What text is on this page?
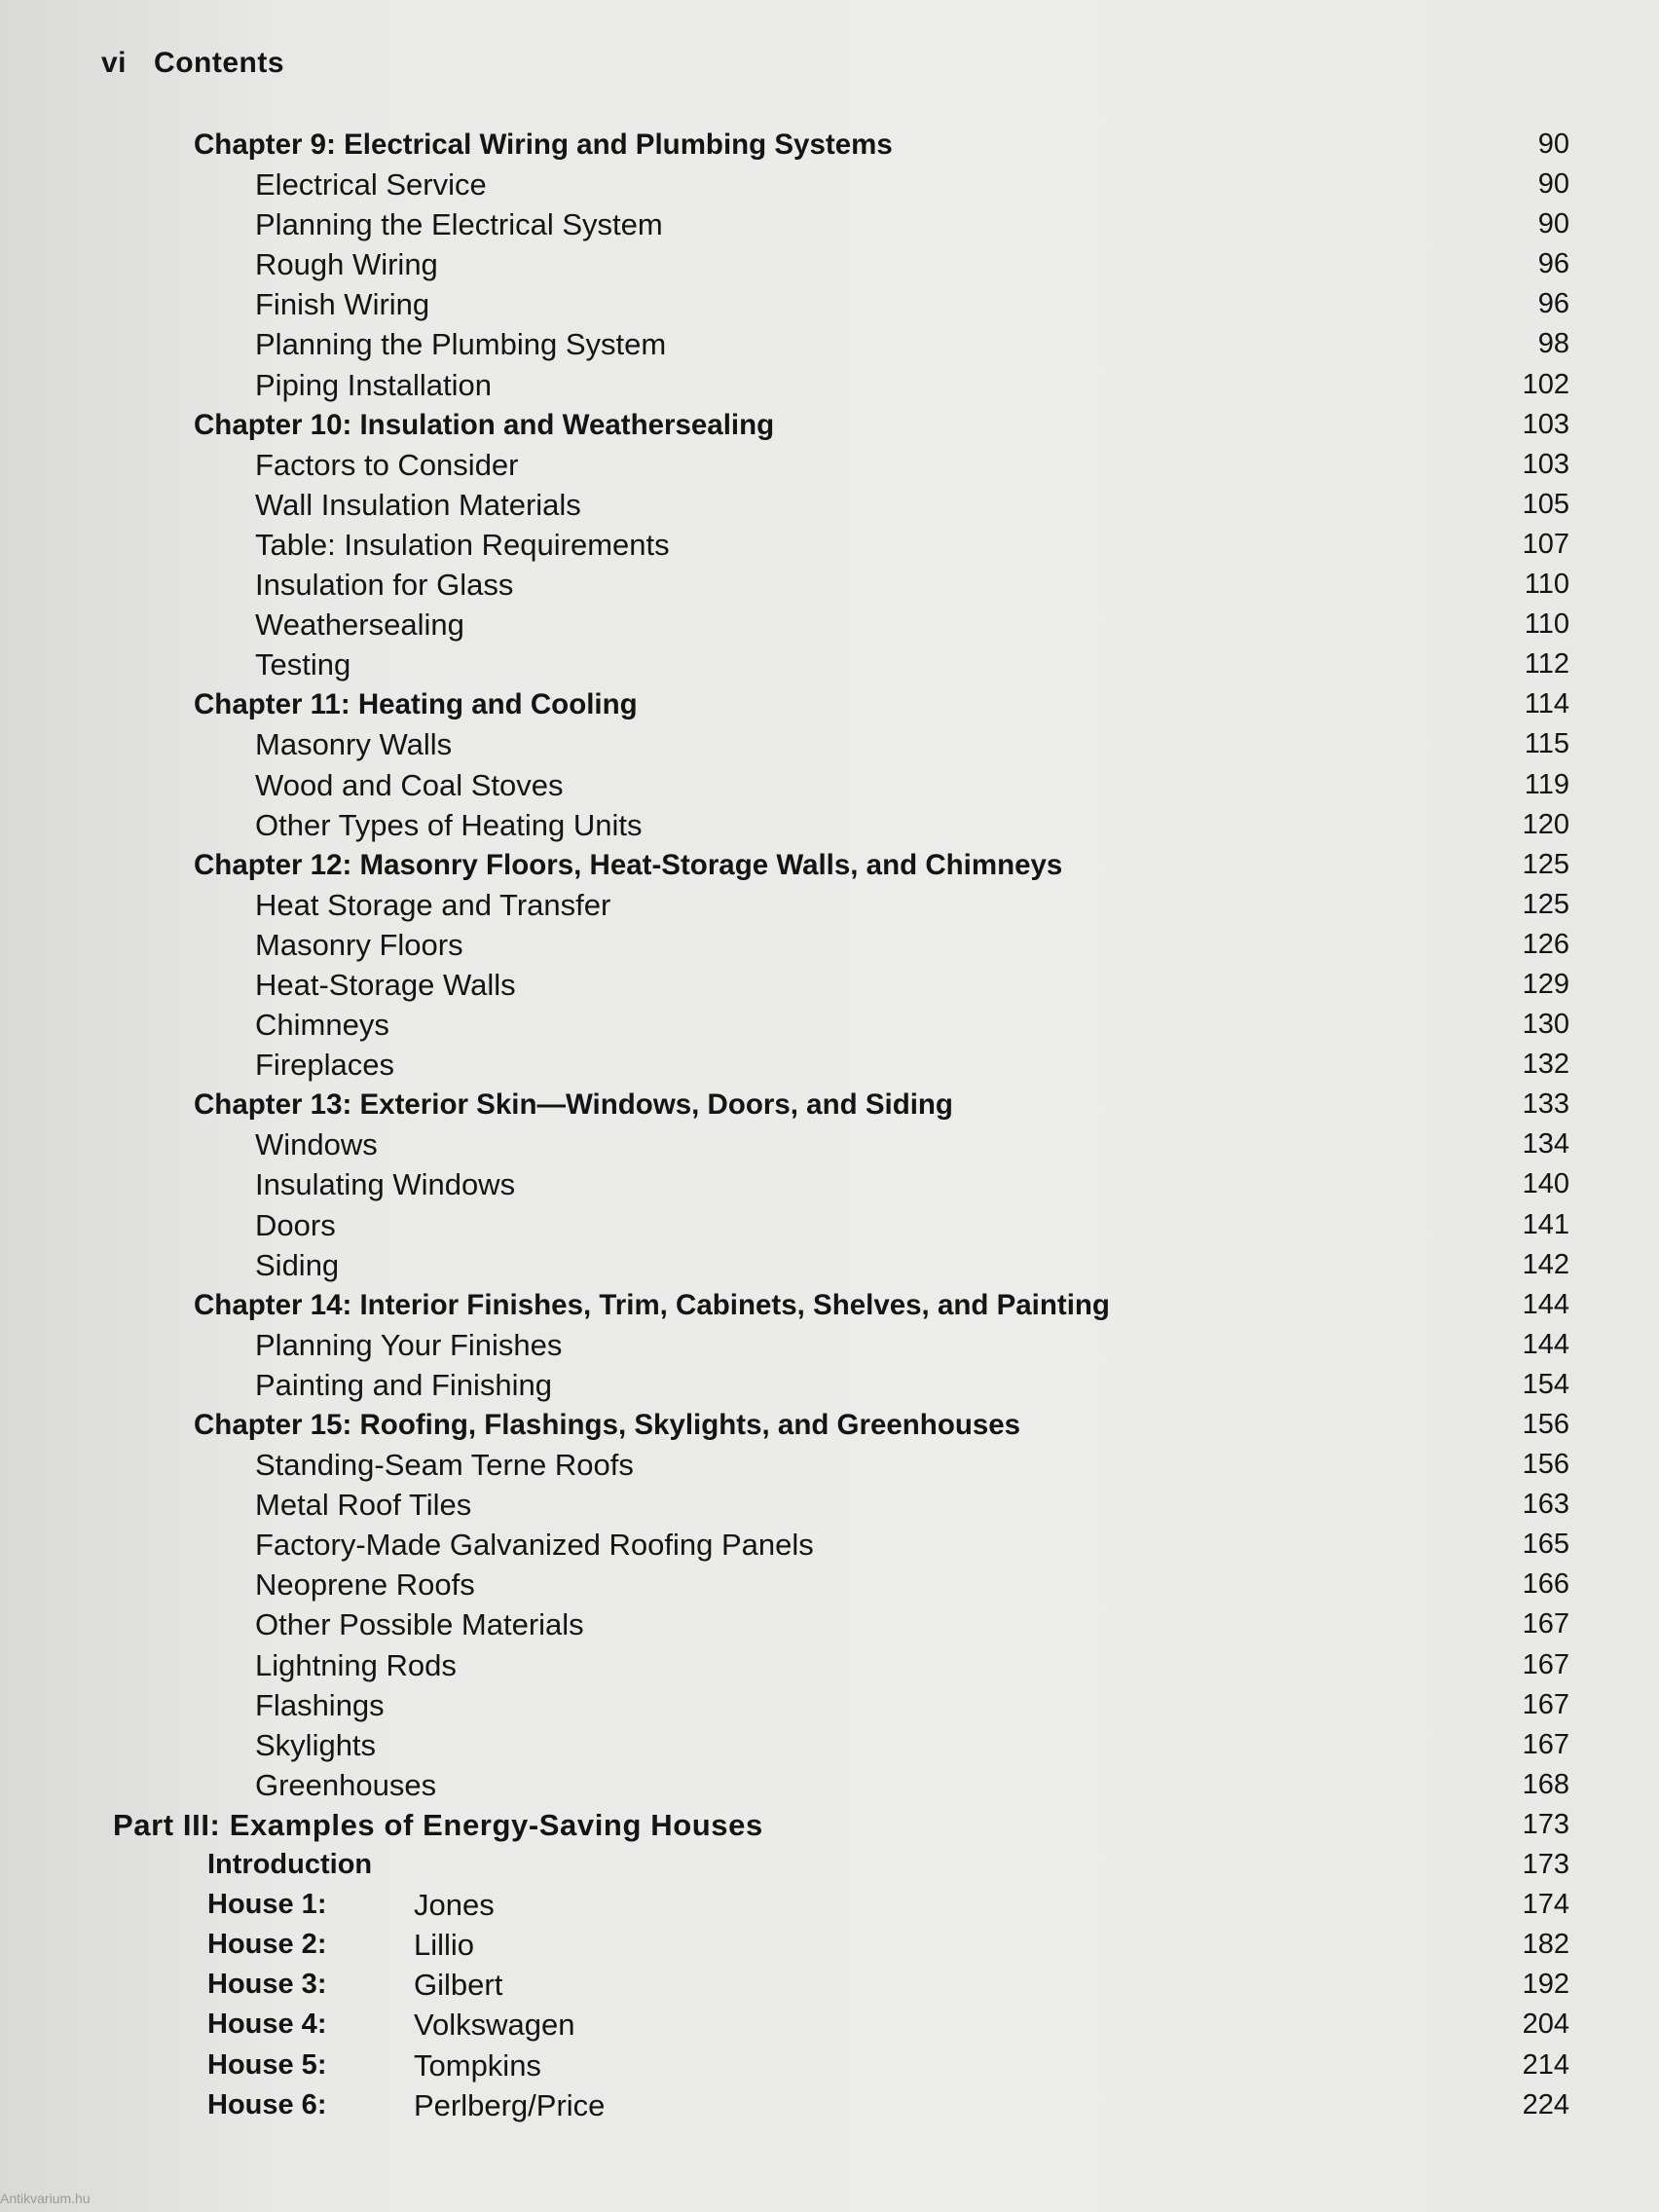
vi Contents
Chapter 9: Electrical Wiring and Plumbing Systems	90
Electrical Service	90
Planning the Electrical System	90
Rough Wiring	96
Finish Wiring	96
Planning the Plumbing System	98
Piping Installation	102
Chapter 10: Insulation and Weathersealing	103
Factors to Consider	103
Wall Insulation Materials	105
Table: Insulation Requirements	107
Insulation for Glass	110
Weathersealing	110
Testing	112
Chapter 11: Heating and Cooling	114
Masonry Walls	115
Wood and Coal Stoves	119
Other Types of Heating Units	120
Chapter 12: Masonry Floors, Heat-Storage Walls, and Chimneys	125
Heat Storage and Transfer	125
Masonry Floors	126
Heat-Storage Walls	129
Chimneys	130
Fireplaces	132
Chapter 13: Exterior Skin—Windows, Doors, and Siding	133
Windows	134
Insulating Windows	140
Doors	141
Siding	142
Chapter 14: Interior Finishes, Trim, Cabinets, Shelves, and Painting	144
Planning Your Finishes	144
Painting and Finishing	154
Chapter 15: Roofing, Flashings, Skylights, and Greenhouses	156
Standing-Seam Terne Roofs	156
Metal Roof Tiles	163
Factory-Made Galvanized Roofing Panels	165
Neoprene Roofs	166
Other Possible Materials	167
Lightning Rods	167
Flashings	167
Skylights	167
Greenhouses	168
Part III: Examples of Energy-Saving Houses	173
Introduction	173
House 1:	Jones	174
House 2:	Lillio	182
House 3:	Gilbert	192
House 4:	Volkswagen	204
House 5:	Tompkins	214
House 6:	Perlberg/Price	224
Antikvarium.hu
